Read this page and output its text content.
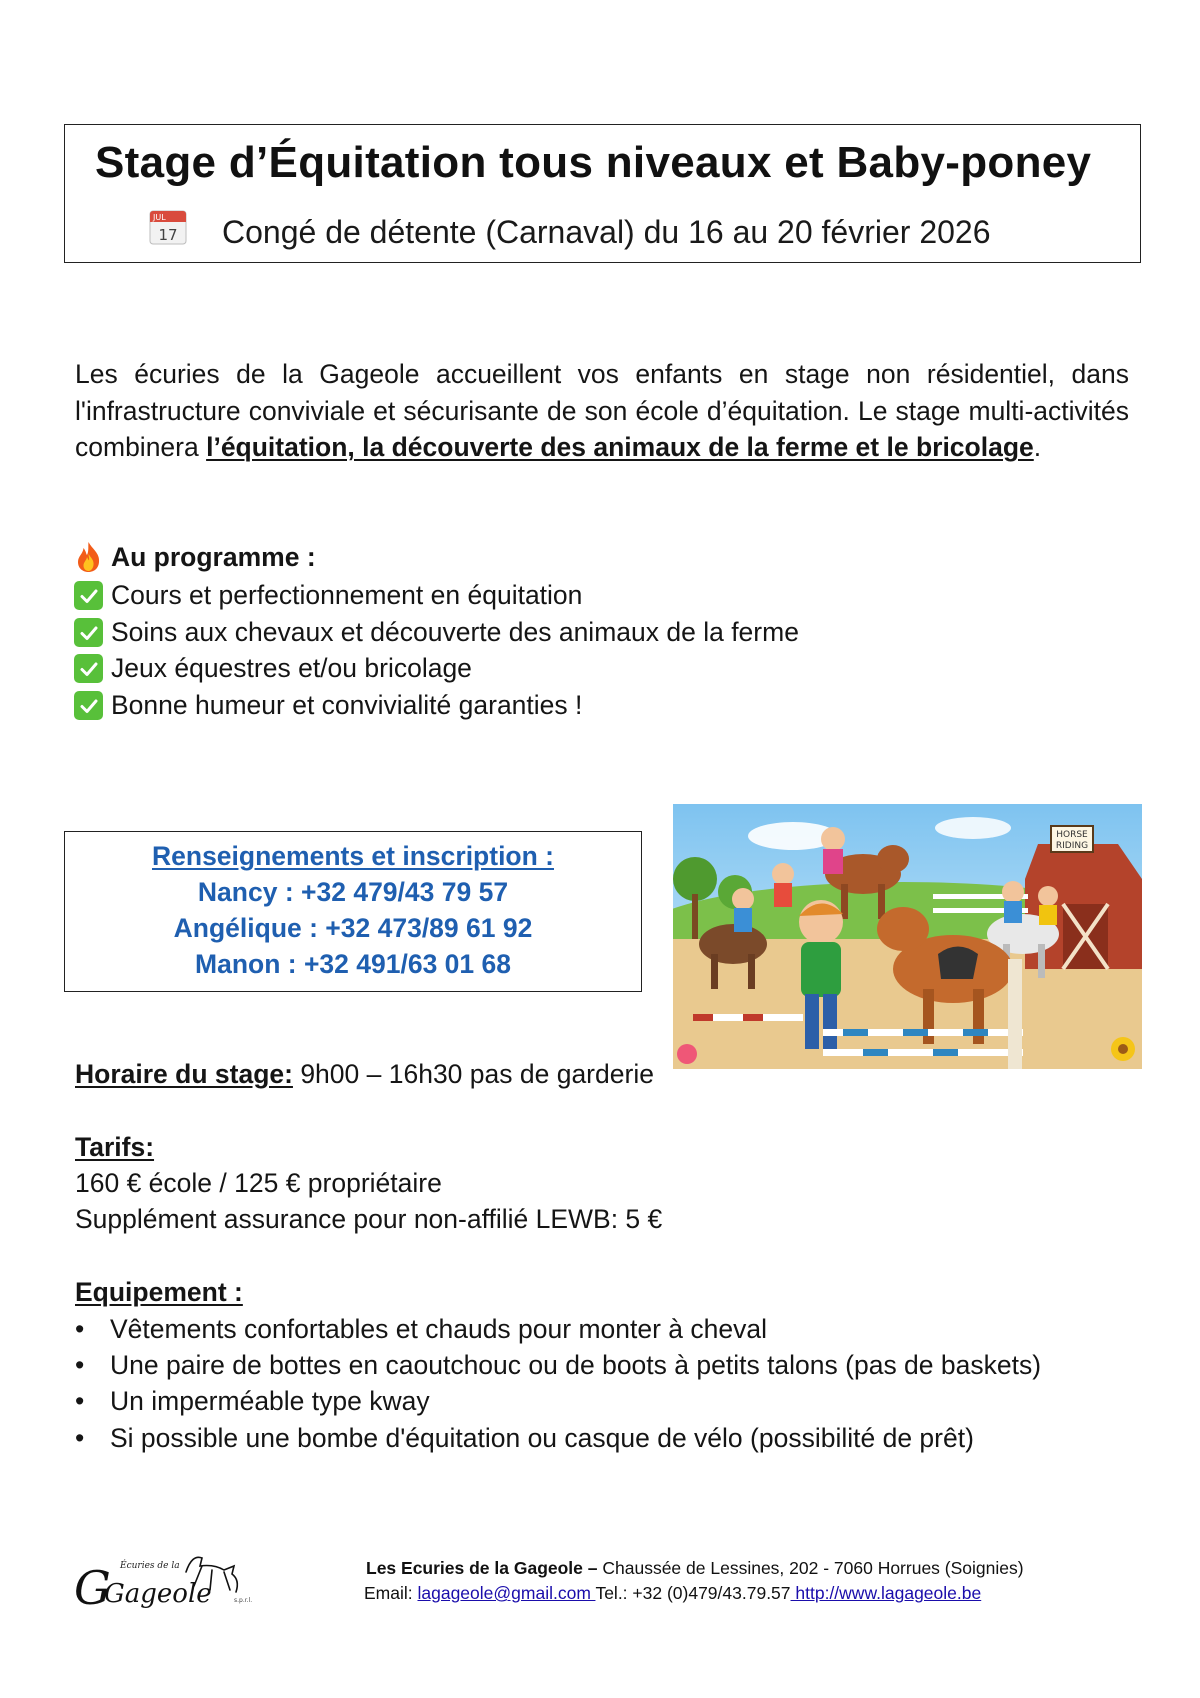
Stage d’Équitation tous niveaux et Baby-poney
JUL
17 Congé de détente (Carnaval) du 16 au 20 février 2026
Les écuries de la Gageole accueillent vos enfants en stage non résidentiel, dans l'infrastructure conviviale et sécurisante de son école d’équitation. Le stage multi-activités combinera l’équitation, la découverte des animaux de la ferme et le bricolage.
Au programme :
Cours et perfectionnement en équitation
Soins aux chevaux et découverte des animaux de la ferme
Jeux équestres et/ou bricolage
Bonne humeur et convivialité garanties !
Renseignements et inscription :
Nancy : +32 479/43 79 57
Angélique : +32 473/89 61 92
Manon : +32 491/63 01 68
HORSE
RIDING
Horaire du stage: 9h00 – 16h30 pas de garderie
Tarifs:
160 € école / 125 € propriétaire
Supplément assurance pour non-affilié LEWB: 5 €
Equipement :
• Vêtements confortables et chauds pour monter à cheval
• Une paire de bottes en caoutchouc ou de boots à petits talons (pas de baskets)
• Un imperméable type kway
• Si possible une bombe d'équitation ou casque de vélo (possibilité de prêt)
Écuries de la
G
Gageole	s.p.r.l.
Les Ecuries de la Gageole – Chaussée de Lessines, 202 - 7060 Horrues (Soignies)
Email: lagageole@gmail.com Tel.: +32 (0)479/43.79.57 http://www.lagageole.be
